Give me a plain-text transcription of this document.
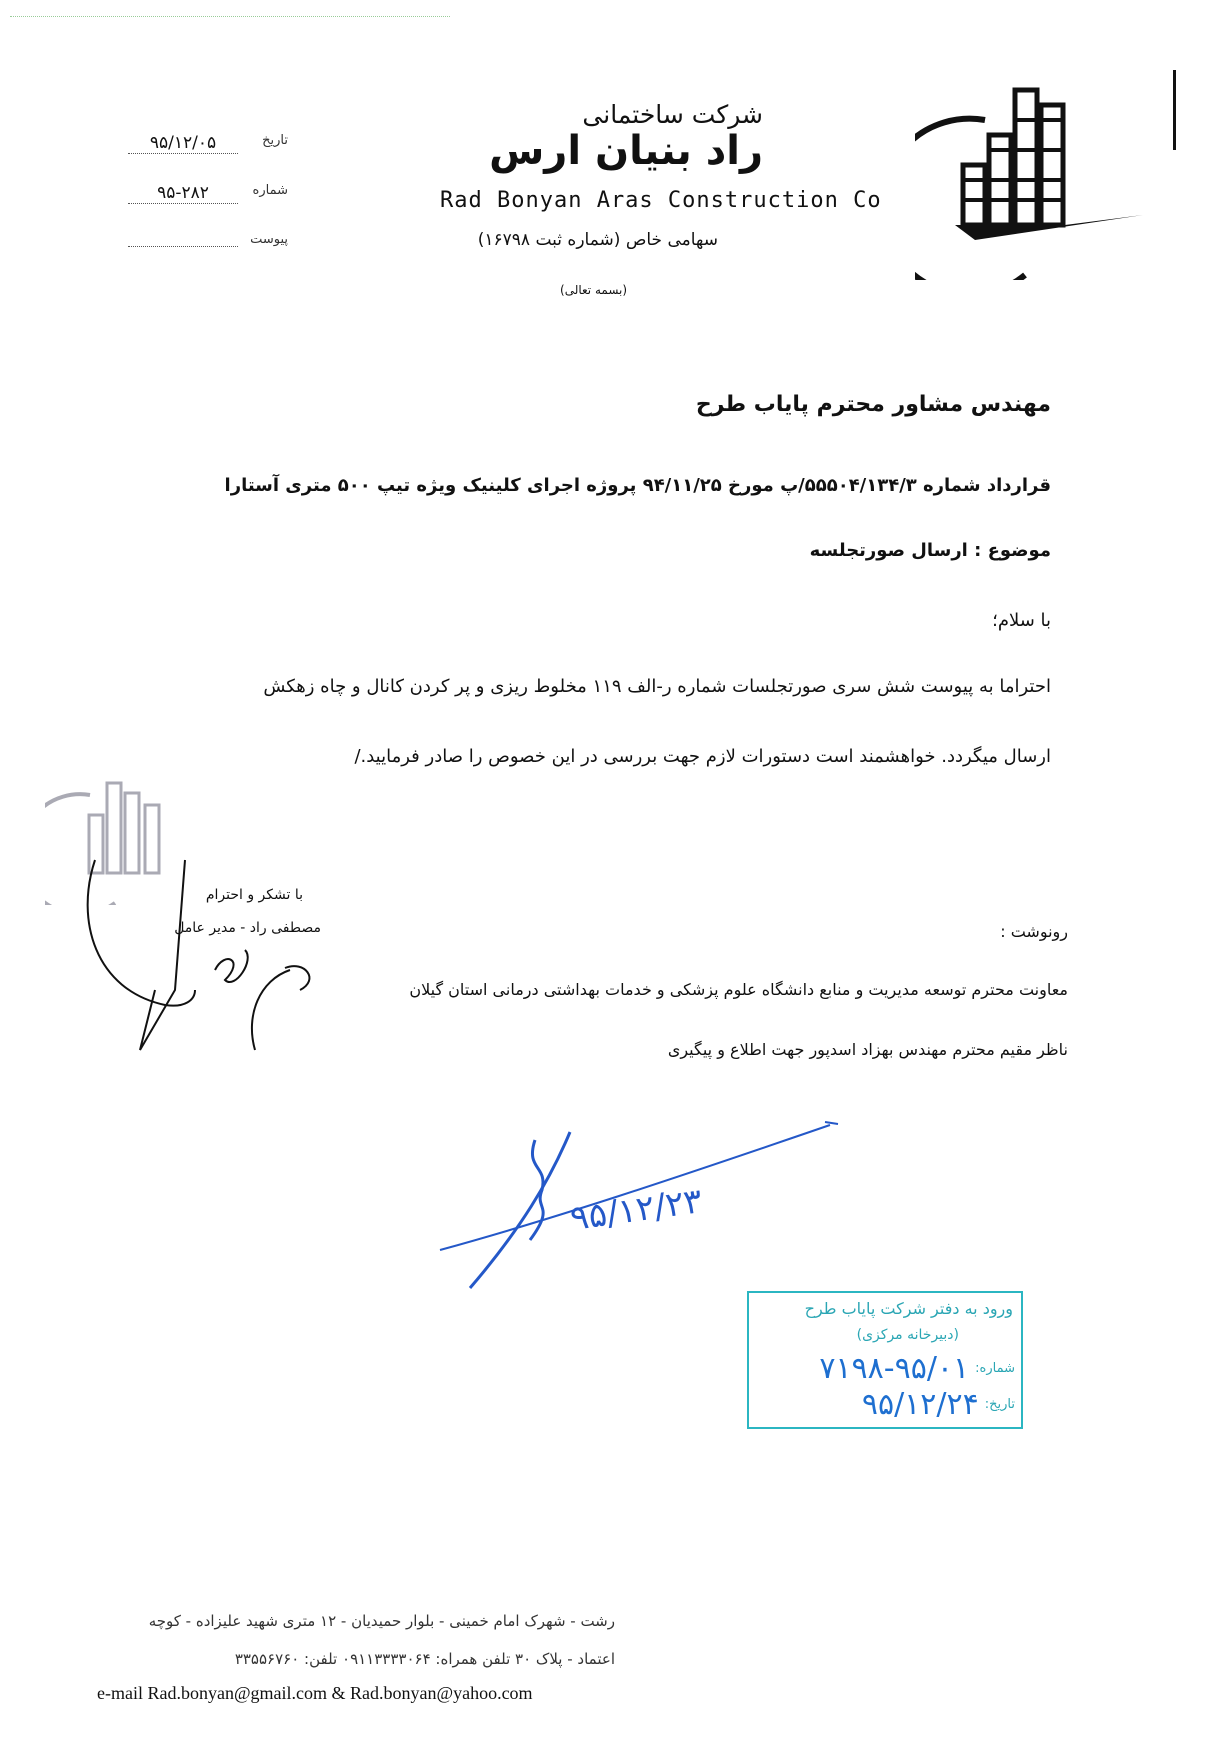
شرکت ساختمانی
راد بنیان ارس
Rad Bonyan Aras Construction Co
سهامی خاص (شماره ثبت ۱۶۷۹۸)
(بسمه تعالی)
تاریخ
۹۵/۱۲/۰۵
شماره
۹۵-۲۸۲
پیوست
مهندس مشاور محترم پایاب طرح
قرارداد شماره ۵۵۵۰۴/۱۳۴/۳/پ مورخ ۹۴/۱۱/۲۵ پروژه اجرای کلینیک ویژه تیپ ۵۰۰ متری آستارا
موضوع : ارسال صورتجلسه
با سلام؛
احتراما به پیوست شش سری صورتجلسات شماره ر-الف ۱۱۹ مخلوط ریزی و پر کردن کانال و چاه زهکش
ارسال میگردد. خواهشمند است دستورات لازم جهت بررسی در این خصوص را صادر فرمایید./
با تشکر و احترام
مصطفی راد - مدیر عامل	رونوشت :
معاونت محترم توسعه مدیریت و منابع دانشگاه علوم پزشکی و خدمات بهداشتی درمانی استان گیلان
ناظر مقیم محترم مهندس بهزاد اسدپور جهت اطلاع و پیگیری
۹۵/۱۲/۲۳
ورود به دفتر شرکت پایاب طرح
(دبیرخانه مرکزی)
شماره:
۷۱۹۸-۹۵/۰۱
تاریخ:
۹۵/۱۲/۲۴
رشت - شهرک امام خمینی - بلوار حمیدیان - ۱۲ متری شهید علیزاده - کوچه
اعتماد - پلاک ۳۰ تلفن همراه: ۰۹۱۱۳۳۳۳۰۶۴ تلفن: ۳۳۵۵۶۷۶۰
e-mail Rad.bonyan@gmail.com & Rad.bonyan@yahoo.com
